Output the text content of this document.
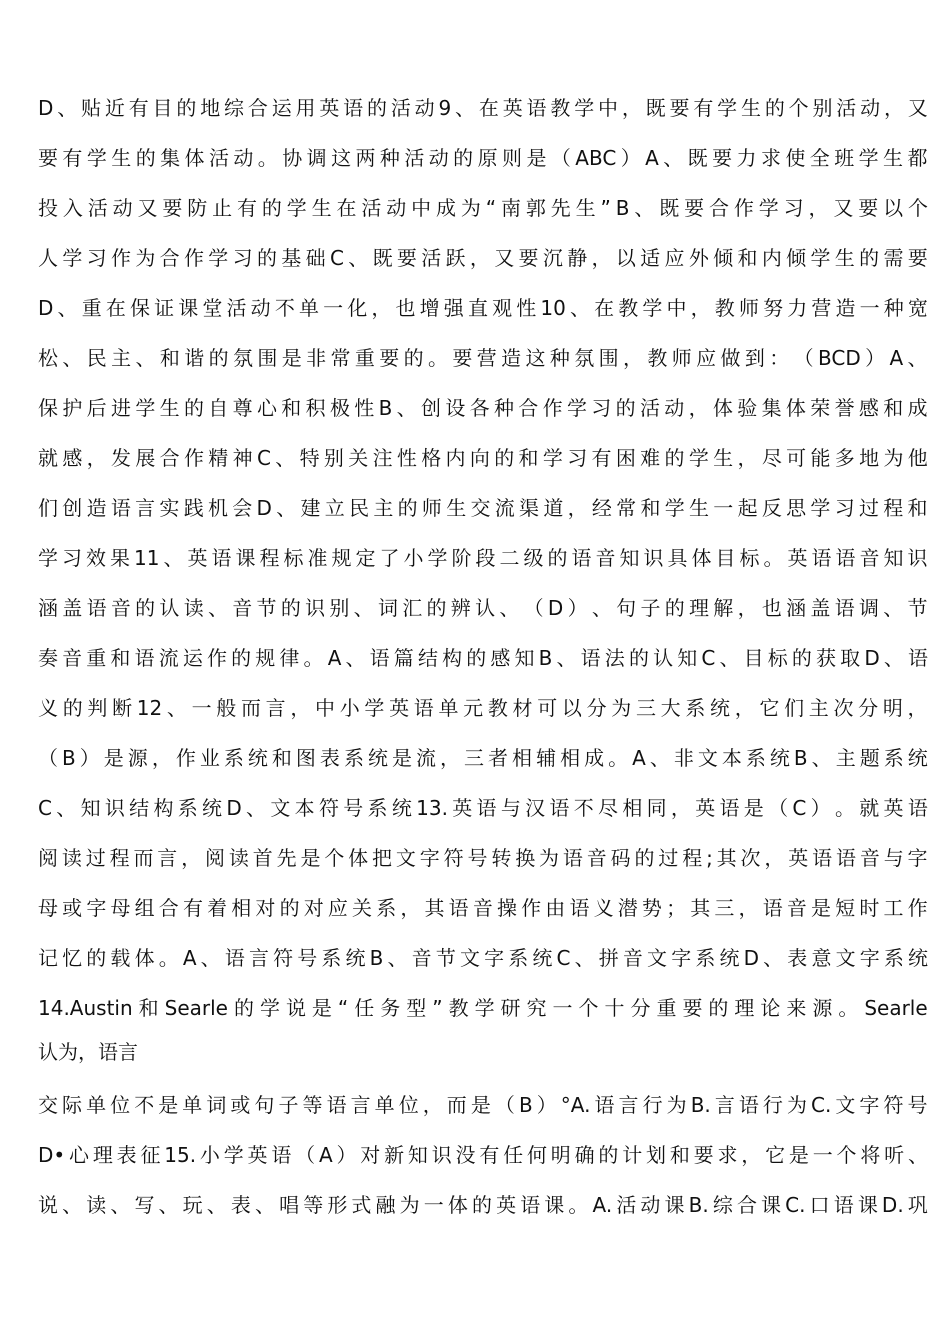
D 、 贴 近 有 目 的 地 综 合 运 用 英 语 的 活 动 9 、 在 英 语 教 学 中 ， 既 要 有 学 生 的 个 别 活 动 ， 又
要 有 学 生 的 集 体 活 动 。 协 调 这 两 种 活 动 的 原 则 是 （ ABC ） A 、 既 要 力 求 使 全 班 学 生 都
投 入 活 动 又 要 防 止 有 的 学 生 在 活 动 中 成 为 “ 南 郭 先 生 ” B 、 既 要 合 作 学 习 ， 又 要 以 个
人 学 习 作 为 合 作 学 习 的 基 础 C 、 既 要 活 跃 ， 又 要 沉 静 ， 以 适 应 外 倾 和 内 倾 学 生 的 需 要
D 、 重 在 保 证 课 堂 活 动 不 单 一 化 ， 也 增 强 直 观 性 10 、 在 教 学 中 ， 教 师 努 力 营 造 一 种 宽
松 、 民 主 、 和 谐 的 氛 围 是 非 常 重 要 的 。 要 营 造 这 种 氛 围 ， 教 师 应 做 到 ： （ BCD ） A 、
保 护 后 进 学 生 的 自 尊 心 和 积 极 性 B 、 创 设 各 种 合 作 学 习 的 活 动 ， 体 验 集 体 荣 誉 感 和 成
就 感 ， 发 展 合 作 精 神 C 、 特 别 关 注 性 格 内 向 的 和 学 习 有 困 难 的 学 生 ， 尽 可 能 多 地 为 他
们 创 造 语 言 实 践 机 会 D 、 建 立 民 主 的 师 生 交 流 渠 道 ， 经 常 和 学 生 一 起 反 思 学 习 过 程 和
学 习 效 果 11 、 英 语 课 程 标 准 规 定 了 小 学 阶 段 二 级 的 语 音 知 识 具 体 目 标 。 英 语 语 音 知 识
涵 盖 语 音 的 认 读 、 音 节 的 识 别 、 词 汇 的 辨 认 、 （ D ） 、 句 子 的 理 解 ， 也 涵 盖 语 调 、 节
奏 音 重 和 语 流 运 作 的 规 律 。 A 、 语 篇 结 构 的 感 知 B 、 语 法 的 认 知 C 、 目 标 的 获 取 D 、 语
义 的 判 断 12 、 一 般 而 言 ， 中 小 学 英 语 单 元 教 材 可 以 分 为 三 大 系 统 ， 它 们 主 次 分 明 ，
（ B ） 是 源 ， 作 业 系 统 和 图 表 系 统 是 流 ， 三 者 相 辅 相 成 。 A 、 非 文 本 系 统 B 、 主 题 系 统
C 、 知 识 结 构 系 统 D 、 文 本 符 号 系 统 13. 英 语 与 汉 语 不 尽 相 同 ， 英 语 是 （ C ） 。 就 英 语
阅 读 过 程 而 言 ， 阅 读 首 先 是 个 体 把 文 字 符 号 转 换 为 语 音 码 的 过 程 ; 其 次 ， 英 语 语 音 与 字
母 或 字 母 组 合 有 着 相 对 的 对 应 关 系 ， 其 语 音 操 作 由 语 义 潜 势 ； 其 三 ， 语 音 是 短 时 工 作
记 忆 的 载 体 。 A 、 语 言 符 号 系 统 B 、 音 节 文 字 系 统 C 、 拼 音 文 字 系 统 D 、 表 意 文 字 系 统
14.Austin 和 Searle 的 学 说 是 “ 任 务 型 ” 教 学 研 究 一 个 十 分 重 要 的 理 论 来 源 。 Searle
认为，语言
交 际 单 位 不 是 单 词 或 句 子 等 语 言 单 位 ， 而 是 （ B ） °A. 语 言 行 为 B. 言 语 行 为 C. 文 字 符 号
D• 心 理 表 征 15. 小 学 英 语 （ A ） 对 新 知 识 没 有 任 何 明 确 的 计 划 和 要 求 ， 它 是 一 个 将 听 、
说 、 读 、 写 、 玩 、 表 、 唱 等 形 式 融 为 一 体 的 英 语 课 。 A. 活 动 课 B. 综 合 课 C. 口 语 课 D. 巩
